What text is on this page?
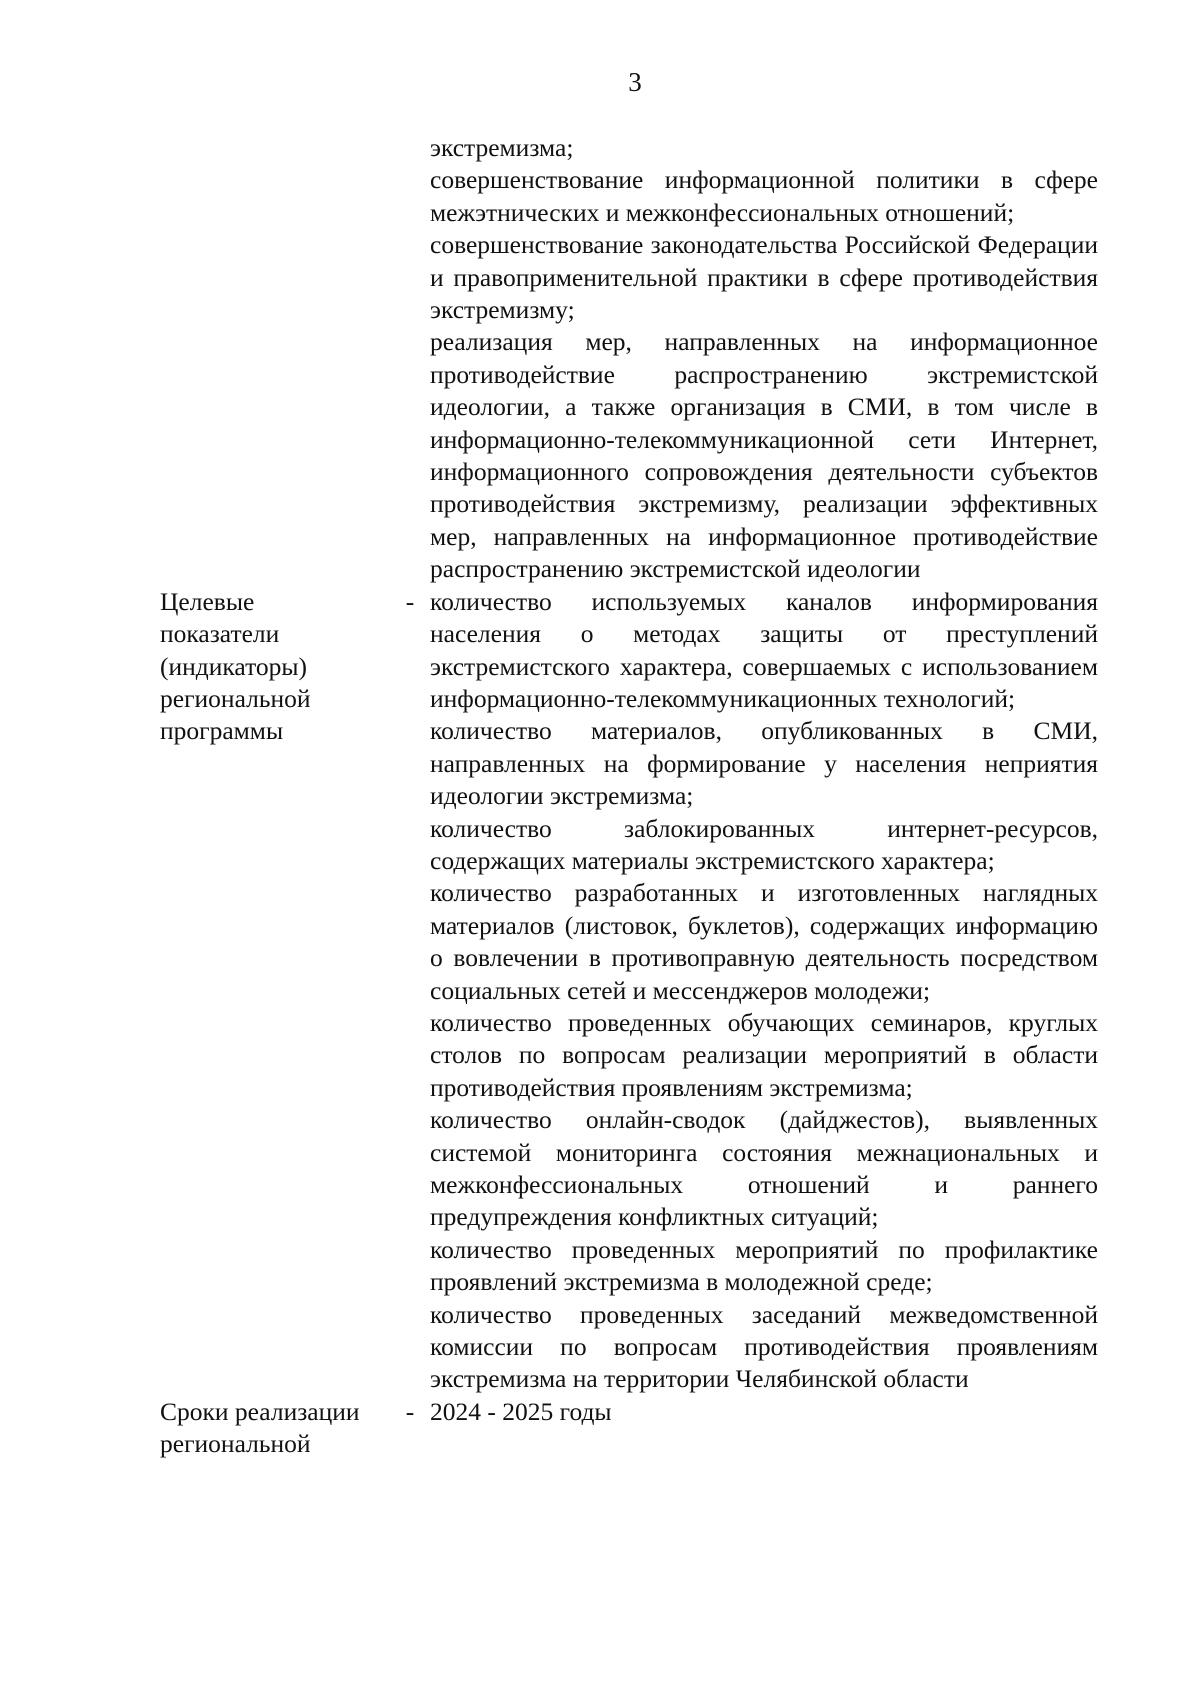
3

экстремизма;

совершенствование информационной политики в сфере межэтнических и межконфессиональных отношений;

совершенствование законодательства Российской Федерации и правоприменительной практики в сфере противодействия экстремизму;

реализация мер, направленных на информационное противодействие распространению экстремистской идеологии, а также организация в СМИ, в том числе в информационно-телекоммуникационной сети Интернет, информационного сопровождения деятельности субъектов противодействия экстремизму, реализации эффективных мер, направленных на информационное противодействие распространению экстремистской идеологии

Целевые
показатели
(индикаторы)
региональной
программы
- количество используемых каналов информирования населения о методах защиты от преступлений экстремистского характера, совершаемых с использованием информационно-телекоммуникационных технологий;

количество материалов, опубликованных в СМИ, направленных на формирование у населения неприятия идеологии экстремизма;

количество заблокированных интернет-ресурсов, содержащих материалы экстремистского характера;

количество разработанных и изготовленных наглядных материалов (листовок, буклетов), содержащих информацию о вовлечении в противоправную деятельность посредством социальных сетей и мессенджеров молодежи;

количество проведенных обучающих семинаров, круглых столов по вопросам реализации мероприятий в области противодействия проявлениям экстремизма;

количество онлайн-сводок (дайджестов), выявленных системой мониторинга состояния межнациональных и межконфессиональных отношений и раннего предупреждения конфликтных ситуаций;

количество проведенных мероприятий по профилактике проявлений экстремизма в молодежной среде;

количество проведенных заседаний межведомственной комиссии по вопросам противодействия проявлениям экстремизма на территории Челябинской области

Сроки реализации
региональной
- 2024 - 2025 годы
